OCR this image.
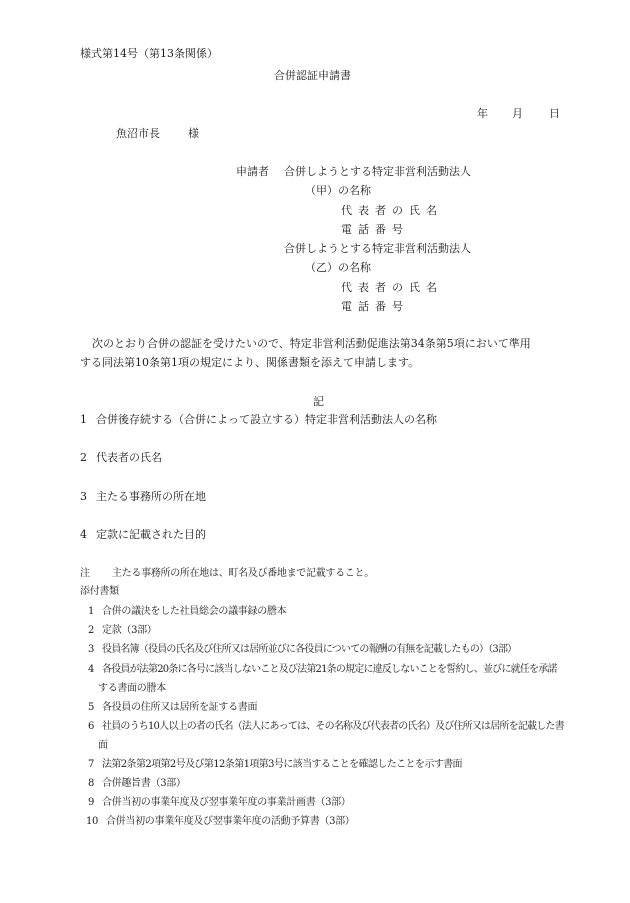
様式第14号（第13条関係）
合併認証申請書
年 月 日
魚沼市長	様
申請者 合併しようとする特定非営利活動法人
（甲）の名称
代表者の氏名
電話番号
合併しようとする特定非営利活動法人
（乙）の名称
代表者の氏名
電話番号
次のとおり合併の認証を受けたいので、特定非営利活動促進法第34条第5項において準用
する同法第10条第1項の規定により、関係書類を添えて申請します。
記
1 合併後存続する（合併によって設立する）特定非営利活動法人の名称
2 代表者の氏名
3 主たる事務所の所在地
4 定款に記載された目的
注 主たる事務所の所在地は、町名及び番地まで記載すること。
添付書類
1 合併の議決をした社員総会の議事録の謄本
2 定款（3部）
3 役員名簿（役員の氏名及び住所又は居所並びに各役員についての報酬の有無を記載したもの）（3部）
4 各役員が法第20条に各号に該当しないこと及び法第21条の規定に違反しないことを誓約し、並びに就任を承諾
する書面の謄本
5 各役員の住所又は居所を証する書面
6 社員のうち10人以上の者の氏名（法人にあっては、その名称及び代表者の氏名）及び住所又は居所を記載した書
面
7 法第2条第2項第2号及び第12条第1項第3号に該当することを確認したことを示す書面
8 合併趣旨書（3部）
9 合併当初の事業年度及び翌事業年度の事業計画書（3部）
10 合併当初の事業年度及び翌事業年度の活動予算書（3部）
